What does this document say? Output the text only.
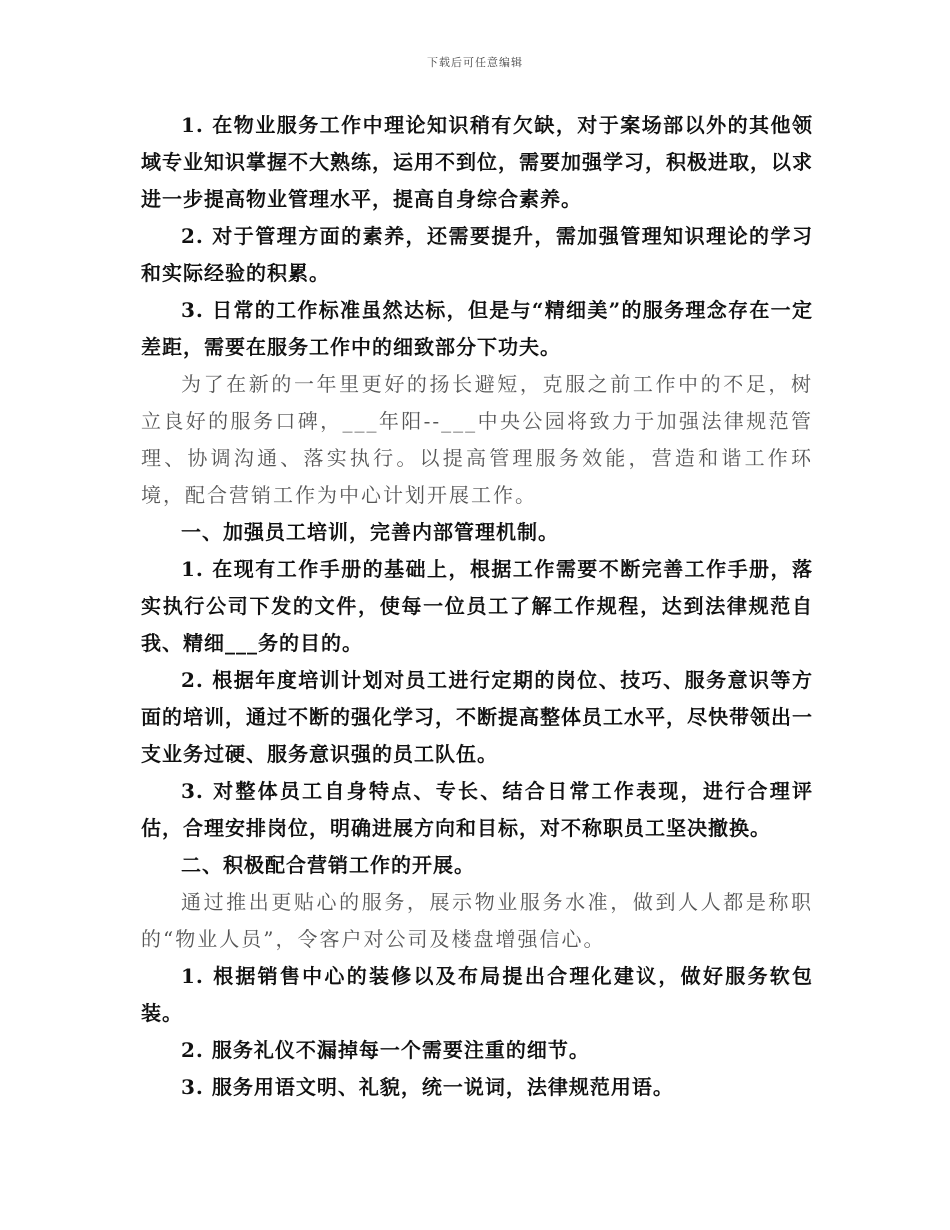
下载后可任意编辑

1. 在物业服务工作中理论知识稍有欠缺，对于案场部以外的其他领域专业知识掌握不大熟练，运用不到位，需要加强学习，积极进取，以求进一步提高物业管理水平，提高自身综合素养。

2. 对于管理方面的素养，还需要提升，需加强管理知识理论的学习和实际经验的积累。

3. 日常的工作标准虽然达标，但是与“精细美”的服务理念存在一定差距，需要在服务工作中的细致部分下功夫。

为了在新的一年里更好的扬长避短，克服之前工作中的不足，树立良好的服务口碑，___年阳--___中央公园将致力于加强法律规范管理、协调沟通、落实执行。以提高管理服务效能，营造和谐工作环境，配合营销工作为中心计划开展工作。

一、加强员工培训，完善内部管理机制。

1. 在现有工作手册的基础上，根据工作需要不断完善工作手册，落实执行公司下发的文件，使每一位员工了解工作规程，达到法律规范自我、精细___务的目的。

2. 根据年度培训计划对员工进行定期的岗位、技巧、服务意识等方面的培训，通过不断的强化学习，不断提高整体员工水平，尽快带领出一支业务过硬、服务意识强的员工队伍。

3. 对整体员工自身特点、专长、结合日常工作表现，进行合理评估，合理安排岗位，明确进展方向和目标，对不称职员工坚决撤换。

二、积极配合营销工作的开展。

通过推出更贴心的服务，展示物业服务水准，做到人人都是称职的“物业人员”，令客户对公司及楼盘增强信心。

1. 根据销售中心的装修以及布局提出合理化建议，做好服务软包装。

2. 服务礼仪不漏掉每一个需要注重的细节。

3. 服务用语文明、礼貌，统一说词，法律规范用语。
